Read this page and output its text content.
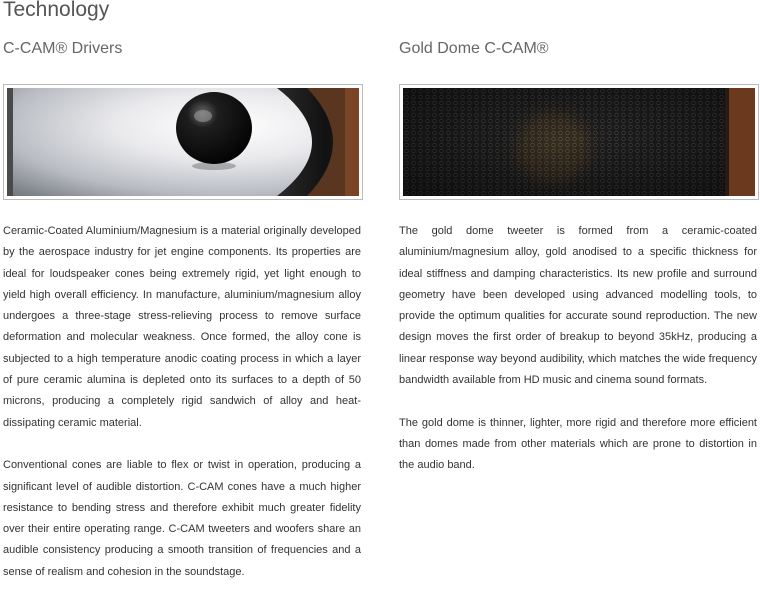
Technology
C-CAM® Drivers

Ceramic-Coated Aluminium/Magnesium is a material originally developed by the aerospace industry for jet engine components. Its properties are ideal for loudspeaker cones being extremely rigid, yet light enough to yield high overall efficiency. In manufacture, aluminium/magnesium alloy undergoes a three-stage stress-relieving process to remove surface deformation and molecular weakness. Once formed, the alloy cone is subjected to a high temperature anodic coating process in which a layer of pure ceramic alumina is depleted onto its surfaces to a depth of 50 microns, producing a completely rigid sandwich of alloy and heat-dissipating ceramic material.

Conventional cones are liable to flex or twist in operation, producing a significant level of audible distortion. C-CAM cones have a much higher resistance to bending stress and therefore exhibit much greater fidelity over their entire operating range. C-CAM tweeters and woofers share an audible consistency producing a smooth transition of frequencies and a sense of realism and cohesion in the soundstage.

Gold Dome C-CAM®

The gold dome tweeter is formed from a ceramic-coated aluminium/magnesium alloy, gold anodised to a specific thickness for ideal stiffness and damping characteristics. Its new profile and surround geometry have been developed using advanced modelling tools, to provide the optimum qualities for accurate sound reproduction. The new design moves the first order of breakup to beyond 35kHz, producing a linear response way beyond audibility, which matches the wide frequency bandwidth available from HD music and cinema sound formats.

The gold dome is thinner, lighter, more rigid and therefore more efficient than domes made from other materials which are prone to distortion in the audio band.
